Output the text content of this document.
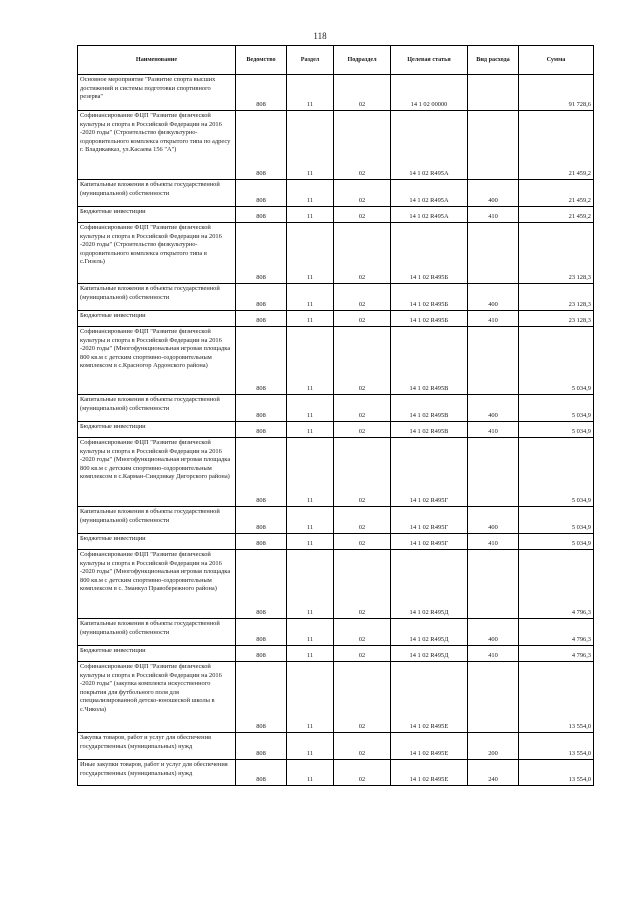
118
Наименование	Ведомство	Раздел	Подраздел	Целевая статья	Вид расхода	Сумма
Основное мероприятие "Развитие спорта высших достижений и системы подготовки спортивного резерва"	808	11	02	14 1 02 00000		91 728,6
Софинансирование ФЦП "Развитие физической культуры и спорта в Российской Федерации на 2016 -2020 годы" (Строительство физкультурно-оздоровительного комплекса открытого типа по адресу г. Владикавказ, ул.Касаева 156 "А")	808	11	02	14 1 02 R495A		21 459,2
Капитальные вложения в объекты государственной (муниципальной) собственности	808	11	02	14 1 02 R495A	400	21 459,2
Бюджетные инвестиции	808	11	02	14 1 02 R495A	410	21 459,2
Софинансирование ФЦП "Развитие физической культуры и спорта в Российской Федерации на 2016 -2020 годы" (Строительство физкультурно-оздоровительного комплекса открытого типа в с.Гизель)	808	11	02	14 1 02 R495Б		23 128,3
Капитальные вложения в объекты государственной (муниципальной) собственности	808	11	02	14 1 02 R495Б	400	23 128,3
Бюджетные инвестиции	808	11	02	14 1 02 R495Б	410	23 128,3
Софинансирование ФЦП "Развитие физической культуры и спорта в Российской Федерации на 2016 -2020 годы" (Многофункциональная игровая площадка 800 кв.м с детским спортивно-оздоровительным комплексом в с.Красногор Ардонского района)	808	11	02	14 1 02 R495В		5 034,9
Капитальные вложения в объекты государственной (муниципальной) собственности	808	11	02	14 1 02 R495В	400	5 034,9
Бюджетные инвестиции	808	11	02	14 1 02 R495В	410	5 034,9
Софинансирование ФЦП "Развитие физической культуры и спорта в Российской Федерации на 2016 -2020 годы" (Многофункциональная игровая площадка 800 кв.м с детским спортивно-оздоровительным комплексом в с.Карман-Синдзикау Дигорского района)	808	11	02	14 1 02 R495Г		5 034,9
Капитальные вложения в объекты государственной (муниципальной) собственности	808	11	02	14 1 02 R495Г	400	5 034,9
Бюджетные инвестиции	808	11	02	14 1 02 R495Г	410	5 034,9
Софинансирование ФЦП "Развитие физической культуры и спорта в Российской Федерации на 2016 -2020 годы" (Многофункциональная игровая площадка 800 кв.м с детским спортивно-оздоровительным комплексом в с. Зманкул Правобережного района)	808	11	02	14 1 02 R495Д		4 796,3
Капитальные вложения в объекты государственной (муниципальной) собственности	808	11	02	14 1 02 R495Д	400	4 796,3
Бюджетные инвестиции	808	11	02	14 1 02 R495Д	410	4 796,3
Софинансирование ФЦП "Развитие физической культуры и спорта в Российской Федерации на 2016 -2020 годы" (закупка комплекта искусственного покрытия для футбольного поля для специализированной детско-юношеской школы в с.Чикола)	808	11	02	14 1 02 R495Е		13 554,0
Закупка товаров, работ и услуг для обеспечения государственных (муниципальных) нужд	808	11	02	14 1 02 R495Е	200	13 554,0
Иные закупки товаров, работ и услуг для обеспечения государственных (муниципальных) нужд	808	11	02	14 1 02 R495Е	240	13 554,0
